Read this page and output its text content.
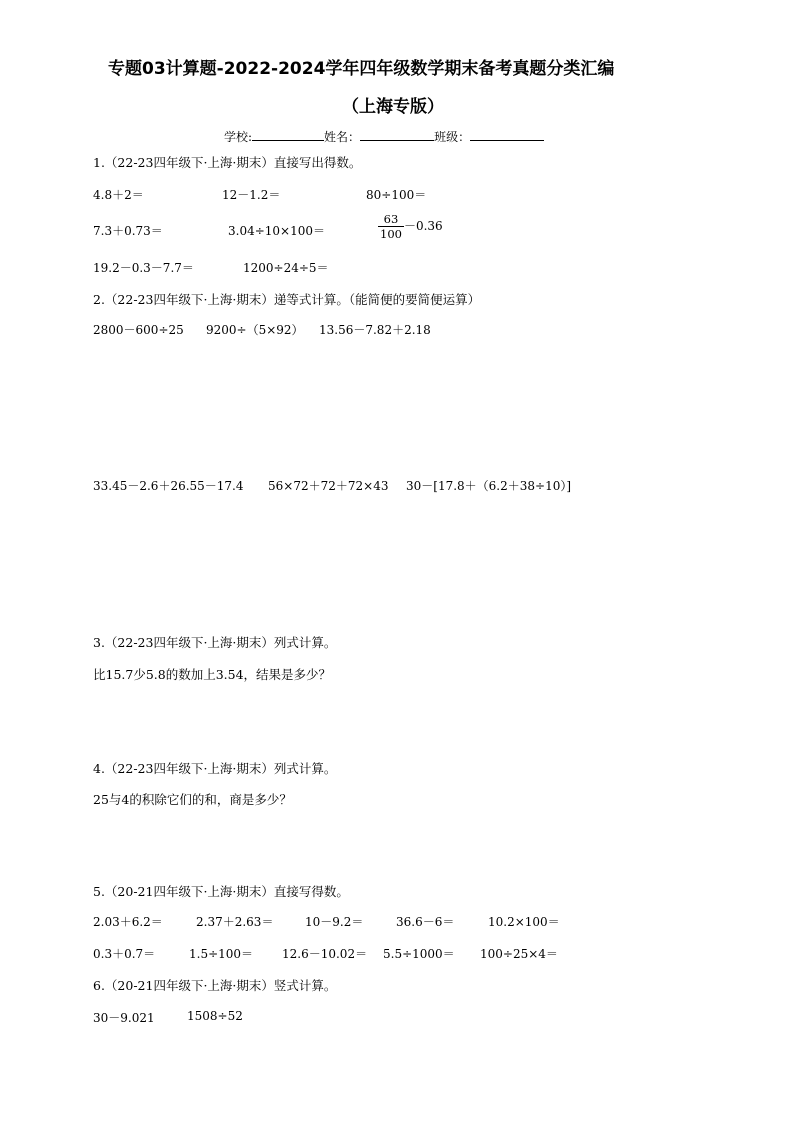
专题03计算题-2022-2024学年四年级数学期末备考真题分类汇编
（上海专版）
学校:	姓名：	班级：
1.（22-23四年级下·上海·期末）直接写出得数。
4.8＋2＝	12－1.2＝	80÷100＝
7.3＋0.73＝	3.04÷10×100＝	$\frac{63}{100} -0.36$
19.2－0.3－7.7＝	1200÷24÷5＝
2.（22-23四年级下·上海·期末）递等式计算。（能简便的要简便运算）
2800－600÷25 9200÷（5×92） 13.56－7.82＋2.18
33.45－2.6＋26.55－17.4 56×72＋72＋72×43 30－[17.8＋（6.2＋38÷10）]
3.（22-23四年级下·上海·期末）列式计算。
比15.7少5.8的数加上3.54，结果是多少？
4.（22-23四年级下·上海·期末）列式计算。
25与4的积除它们的和，商是多少？
5.（20-21四年级下·上海·期末）直接写得数。
2.03＋6.2＝	2.37＋2.63＝	10－9.2＝	36.6－6＝	10.2×100＝
0.3＋0.7＝	1.5÷100＝ 12.6－10.02＝ 5.5÷1000＝ 100÷25×4＝
6.（20-21四年级下·上海·期末）竖式计算。
30－9.021	1508÷52
